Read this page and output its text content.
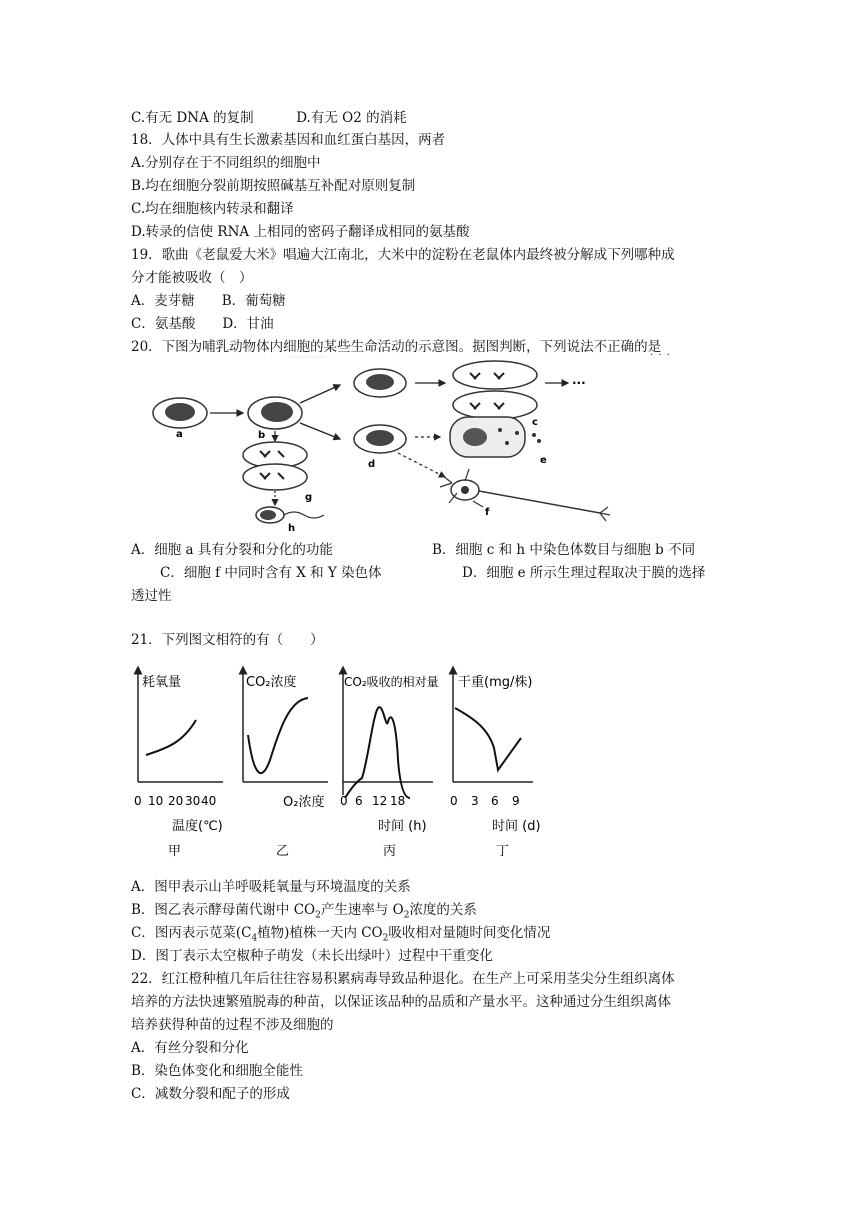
C.有无 DNA 的复制	D.有无 O2 的消耗
18．人体中具有生长激素基因和血红蛋白基因，两者
A.分别存在于不同组织的细胞中
B.均在细胞分裂前期按照碱基互补配对原则复制
C.均在细胞核内转录和翻译
D.转录的信使 RNA 上相同的密码子翻译成相同的氨基酸
19．歌曲《老鼠爱大米》唱遍大江南北，大米中的淀粉在老鼠体内最终被分解成下列哪种成
分才能被吸收（　）
A．麦芽糖　　B．葡萄糖
C．氨基酸　　D．甘油
20．下图为哺乳动物体内细胞的某些生命活动的示意图。据图判断，下列说法不正确的是
· · ·
a	b
c
···
d	e
f
g
h
A．细胞 a 具有分裂和分化的功能	B．细胞 c 和 h 中染色体数目与细胞 b 不同
C．细胞 f 中同时含有 X 和 Y 染色体	D．细胞 e 所示生理过程取决于膜的选择
透过性
21．下列图文相符的有（　　）
耗氧量
0 10 20 30 40
温度(℃)
甲
CO₂浓度
O₂浓度
乙
CO₂吸收的相对量
0 6 12 18
时间 (h)
丙
干重(mg/株)
0 3 6 9
时间 (d)
丁
A．图甲表示山羊呼吸耗氧量与环境温度的关系
B．图乙表示酵母菌代谢中 $CO_2$产生速率与 $O_2$浓度的关系
C．图丙表示苋菜($C_4$植物)植株一天内 $CO_2$吸收相对量随时间变化情况
D．图丁表示太空椒种子萌发（未长出绿叶）过程中干重变化
22．红江橙种植几年后往往容易积累病毒导致品种退化。在生产上可采用茎尖分生组织离体
培养的方法快速繁殖脱毒的种苗，以保证该品种的品质和产量水平。这种通过分生组织离体
培养获得种苗的过程不涉及细胞的
A．有丝分裂和分化
B．染色体变化和细胞全能性
C．减数分裂和配子的形成
